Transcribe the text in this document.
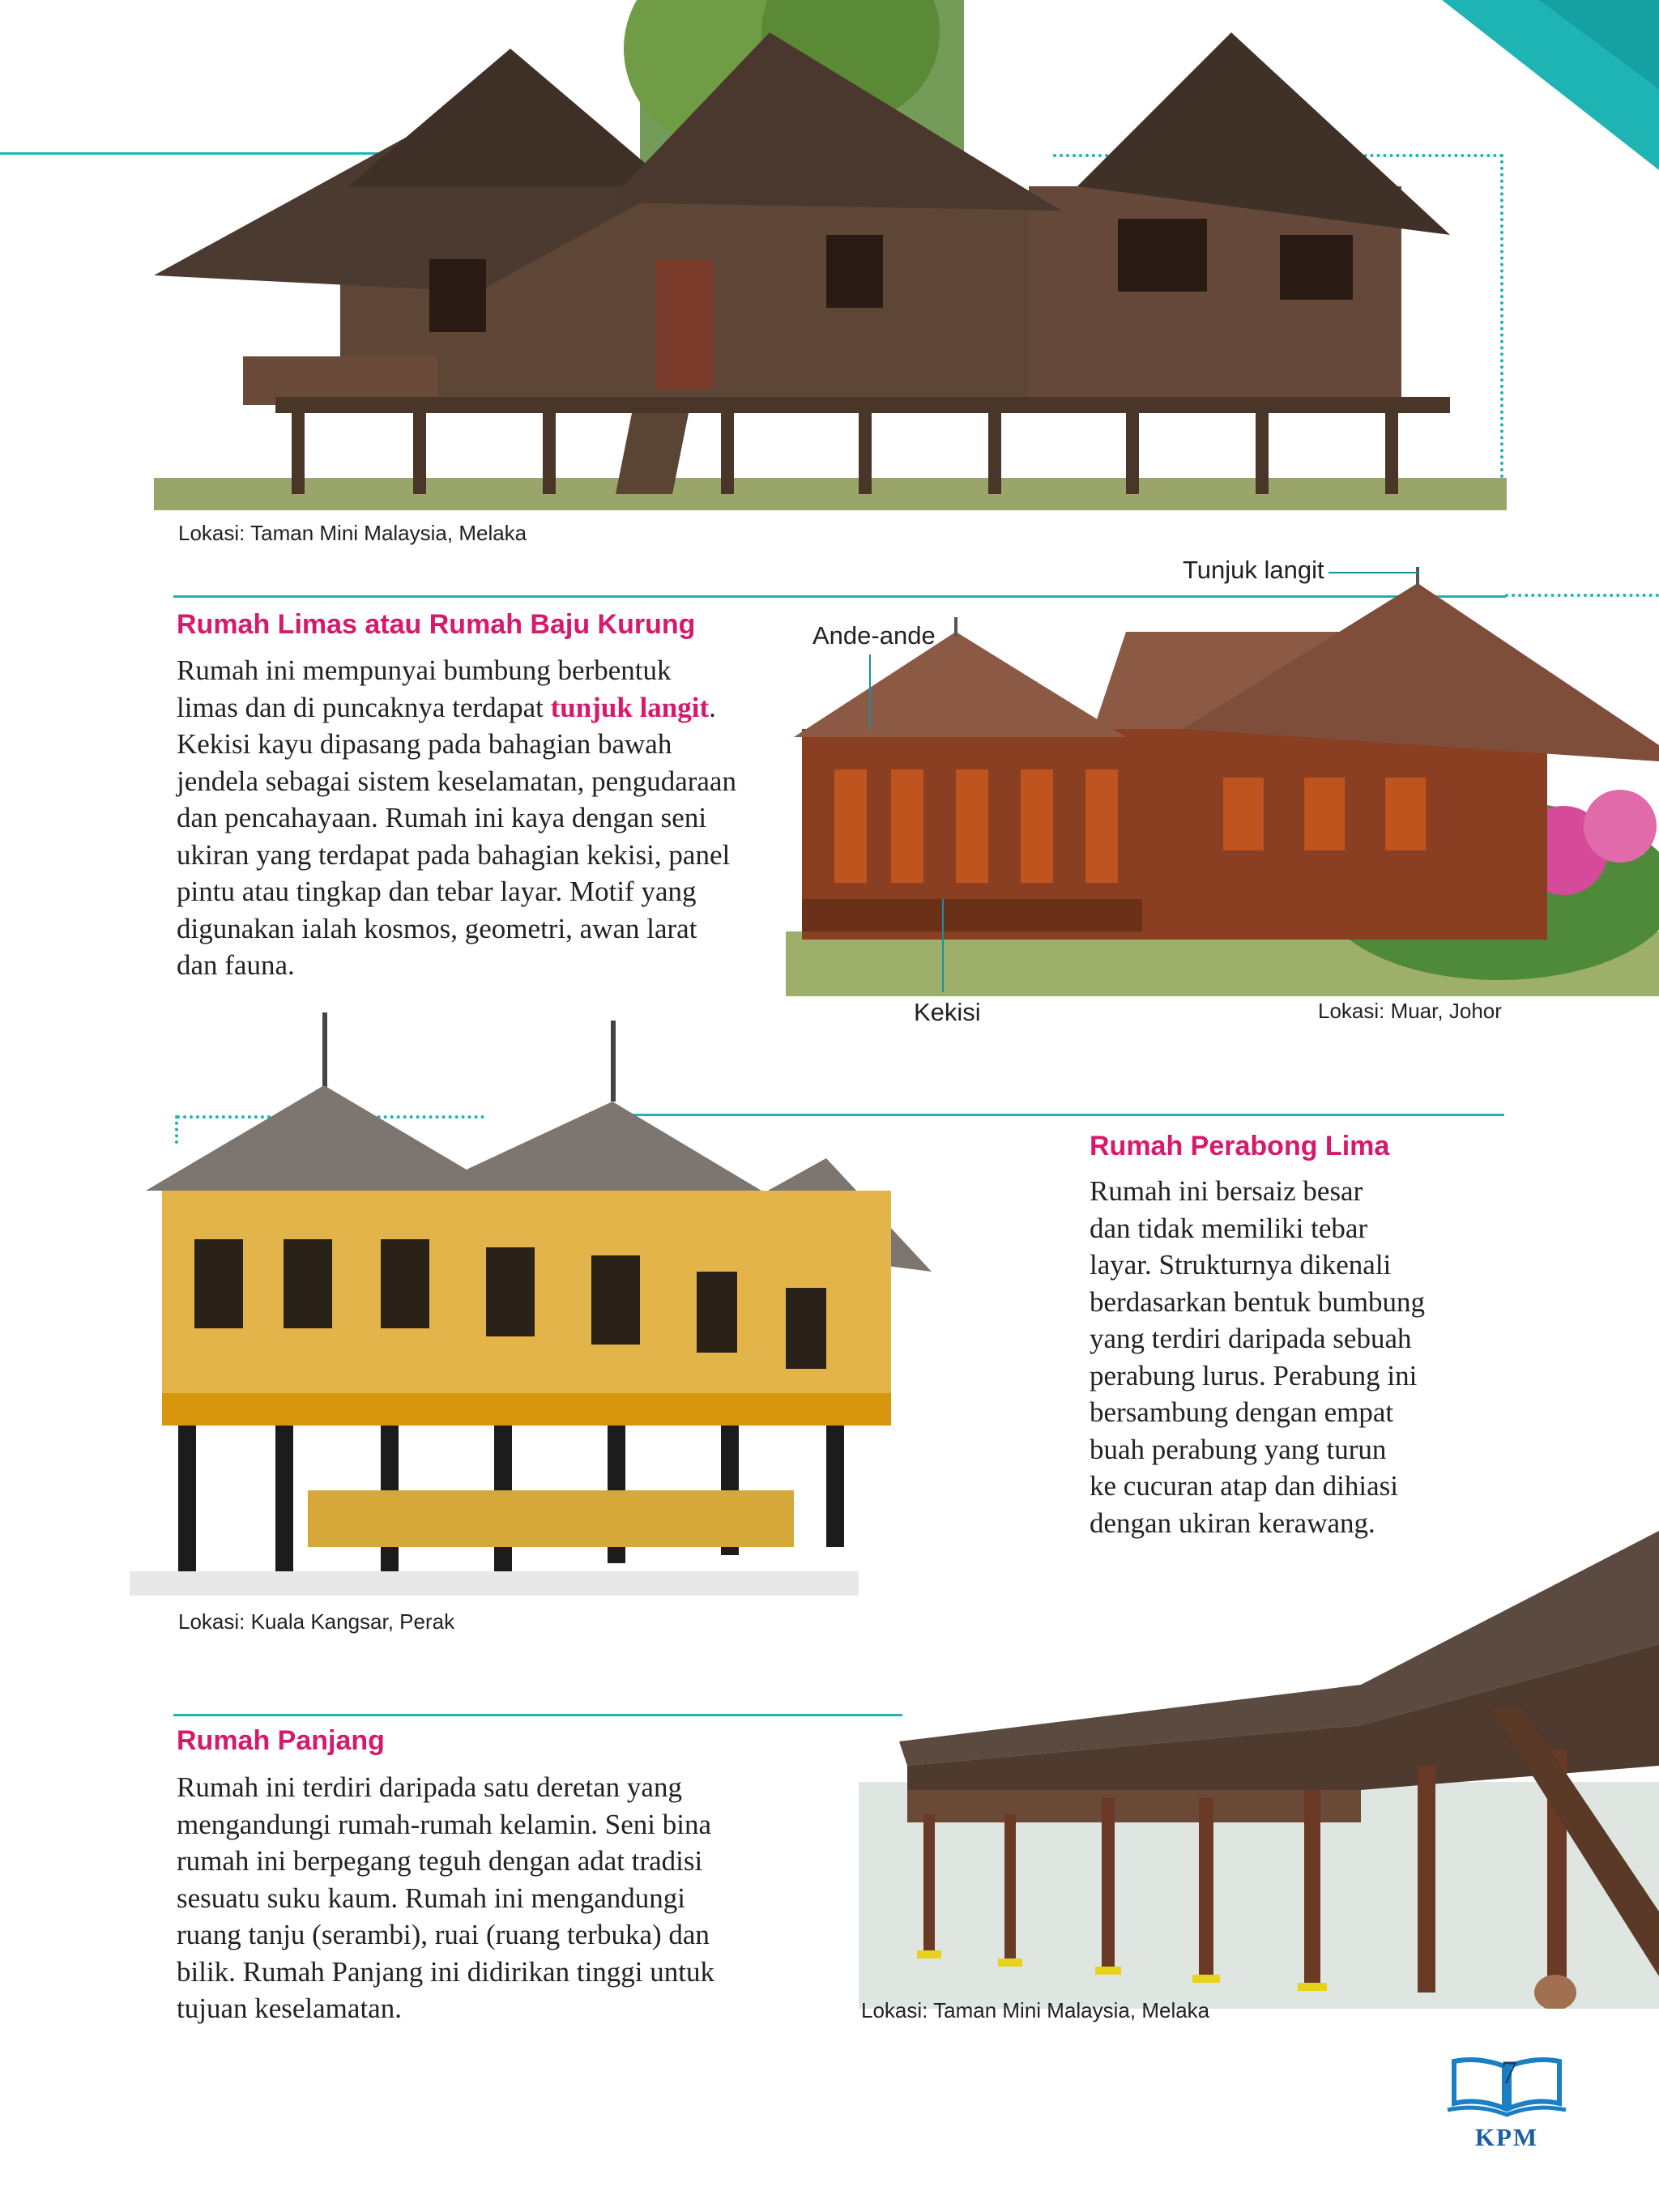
Lokasi: Taman Mini Malaysia, Melaka
Rumah Limas atau Rumah Baju Kurung
Rumah ini mempunyai bumbung berbentuk
limas dan di puncaknya terdapat tunjuk langit.
Kekisi kayu dipasang pada bahagian bawah
jendela sebagai sistem keselamatan, pengudaraan
dan pencahayaan. Rumah ini kaya dengan seni
ukiran yang terdapat pada bahagian kekisi, panel
pintu atau tingkap dan tebar layar. Motif yang
digunakan ialah kosmos, geometri, awan larat
dan fauna.
Tunjuk langit
Ande-ande
Kekisi	Lokasi: Muar, Johor
Lokasi: Kuala Kangsar, Perak
Rumah Perabong Lima
Rumah ini bersaiz besar
dan tidak memiliki tebar
layar. Strukturnya dikenali
berdasarkan bentuk bumbung
yang terdiri daripada sebuah
perabung lurus. Perabung ini
bersambung dengan empat
buah perabung yang turun
ke cucuran atap dan dihiasi
dengan ukiran kerawang.
Rumah Panjang
Rumah ini terdiri daripada satu deretan yang
mengandungi rumah-rumah kelamin. Seni bina
rumah ini berpegang teguh dengan adat tradisi
sesuatu suku kaum. Rumah ini mengandungi
ruang tanju (serambi), ruai (ruang terbuka) dan
bilik. Rumah Panjang ini didirikan tinggi untuk
tujuan keselamatan.	Lokasi: Taman Mini Malaysia, Melaka
7
KPM
